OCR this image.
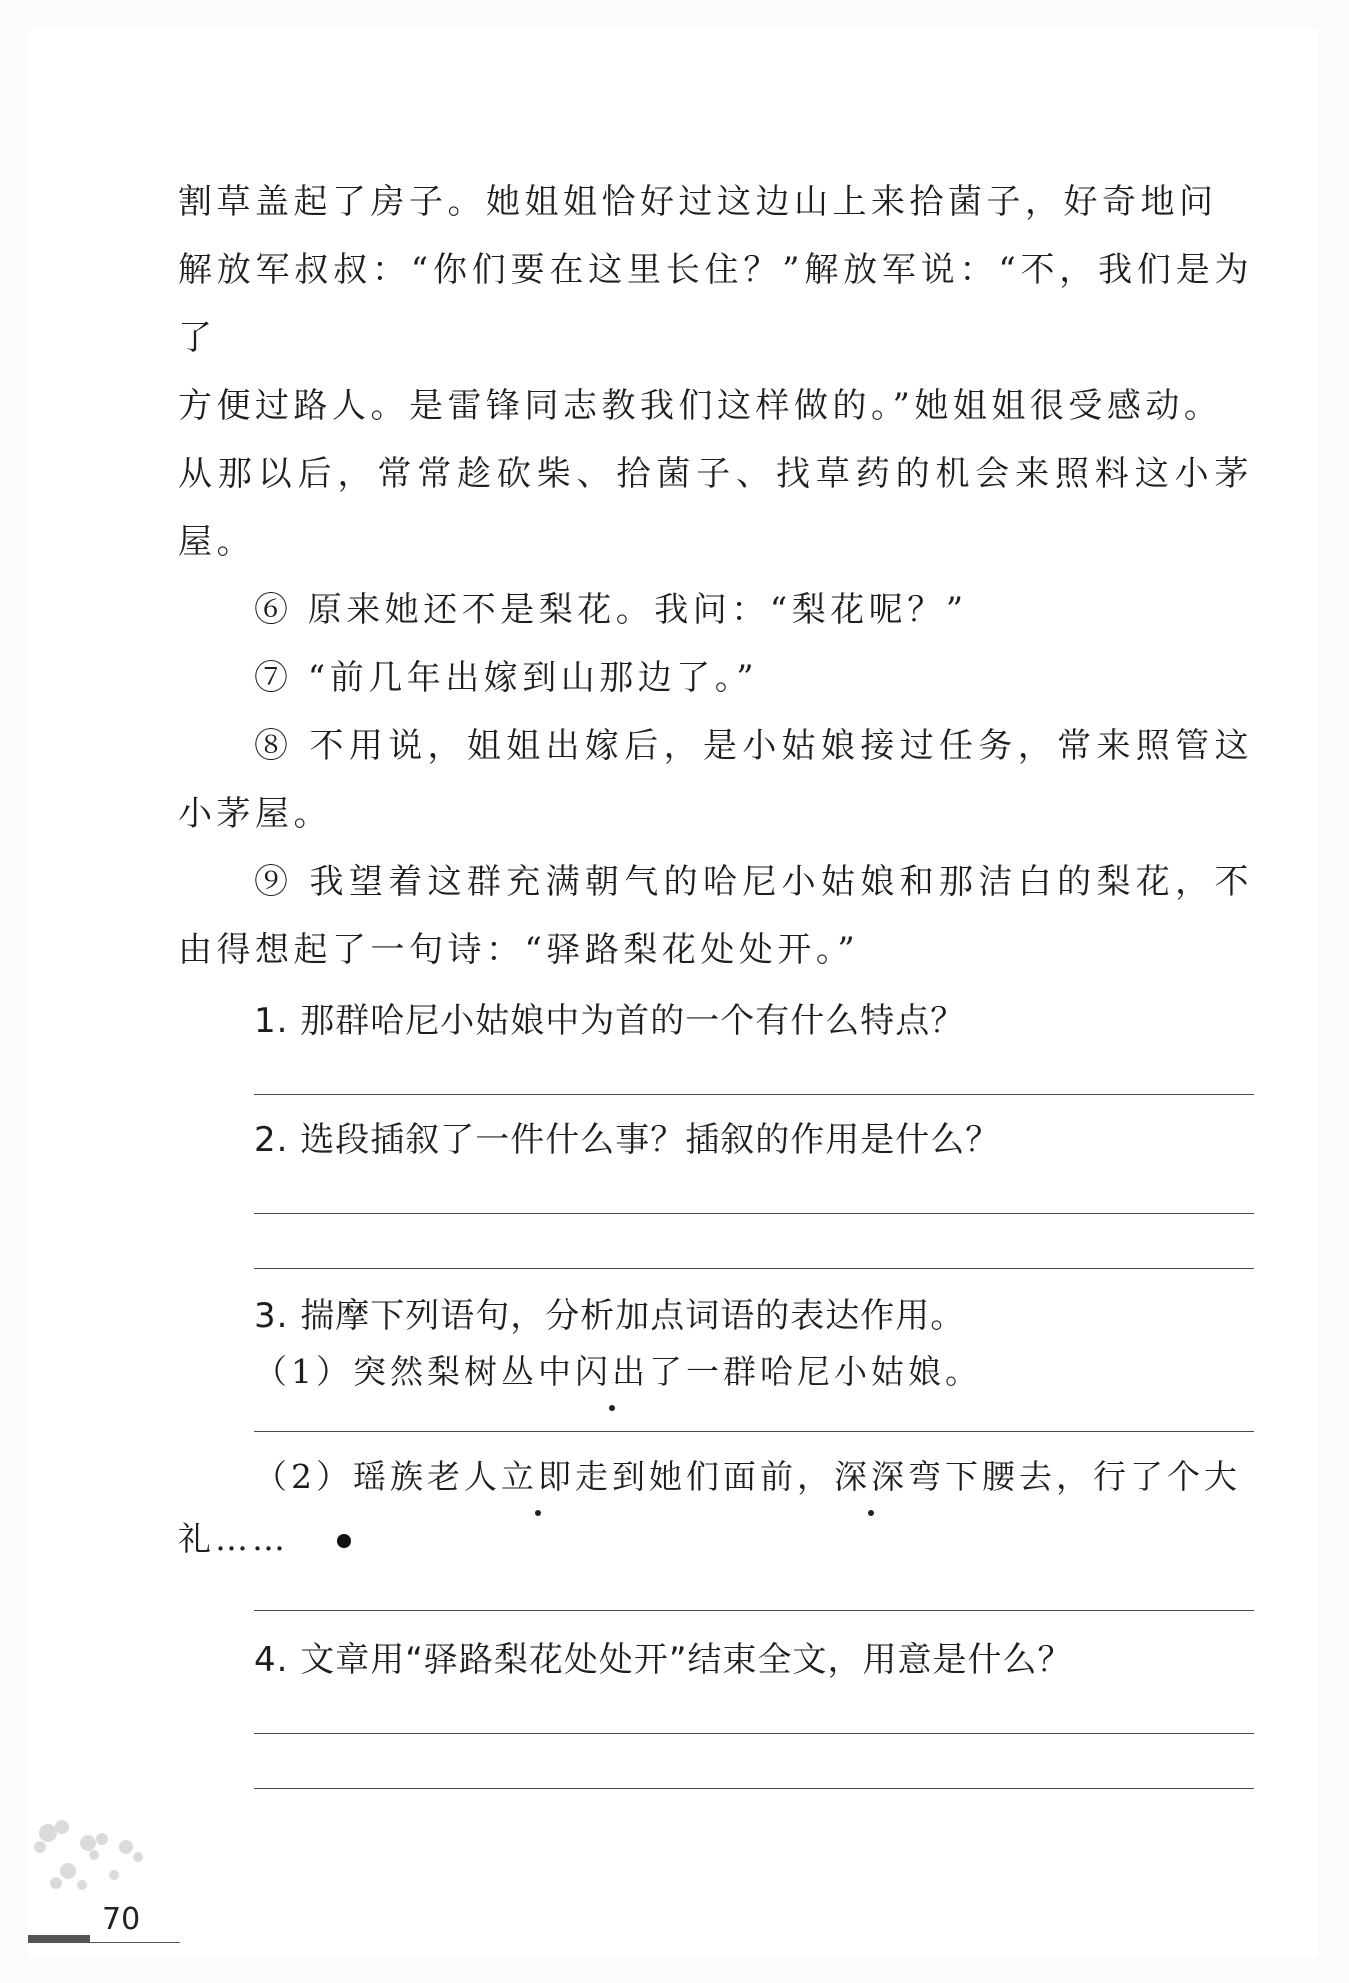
割草盖起了房子。她姐姐恰好过这边山上来拾菌子，好奇地问

解放军叔叔：“你们要在这里长住？”解放军说：“不，我们是为了

方便过路人。是雷锋同志教我们这样做的。”她姐姐很受感动。

从那以后，常常趁砍柴、拾菌子、找草药的机会来照料这小茅屋。

⑥ 原来她还不是梨花。我问：“梨花呢？”

⑦ “前几年出嫁到山那边了。”

⑧ 不用说，姐姐出嫁后，是小姑娘接过任务，常来照管这小茅屋。

⑨ 我望着这群充满朝气的哈尼小姑娘和那洁白的梨花，不由得想起了一句诗：“驿路梨花处处开。”

1. 那群哈尼小姑娘中为首的一个有什么特点？

2. 选段插叙了一件什么事？插叙的作用是什么？

3. 揣摩下列语句，分析加点词语的表达作用。

（1）突然梨树丛中闪出了一群哈尼小姑娘。

（2）瑶族老人立即走到她们面前，深深弯下腰去，行了个大
礼……

4. 文章用“驿路梨花处处开”结束全文，用意是什么？

70
